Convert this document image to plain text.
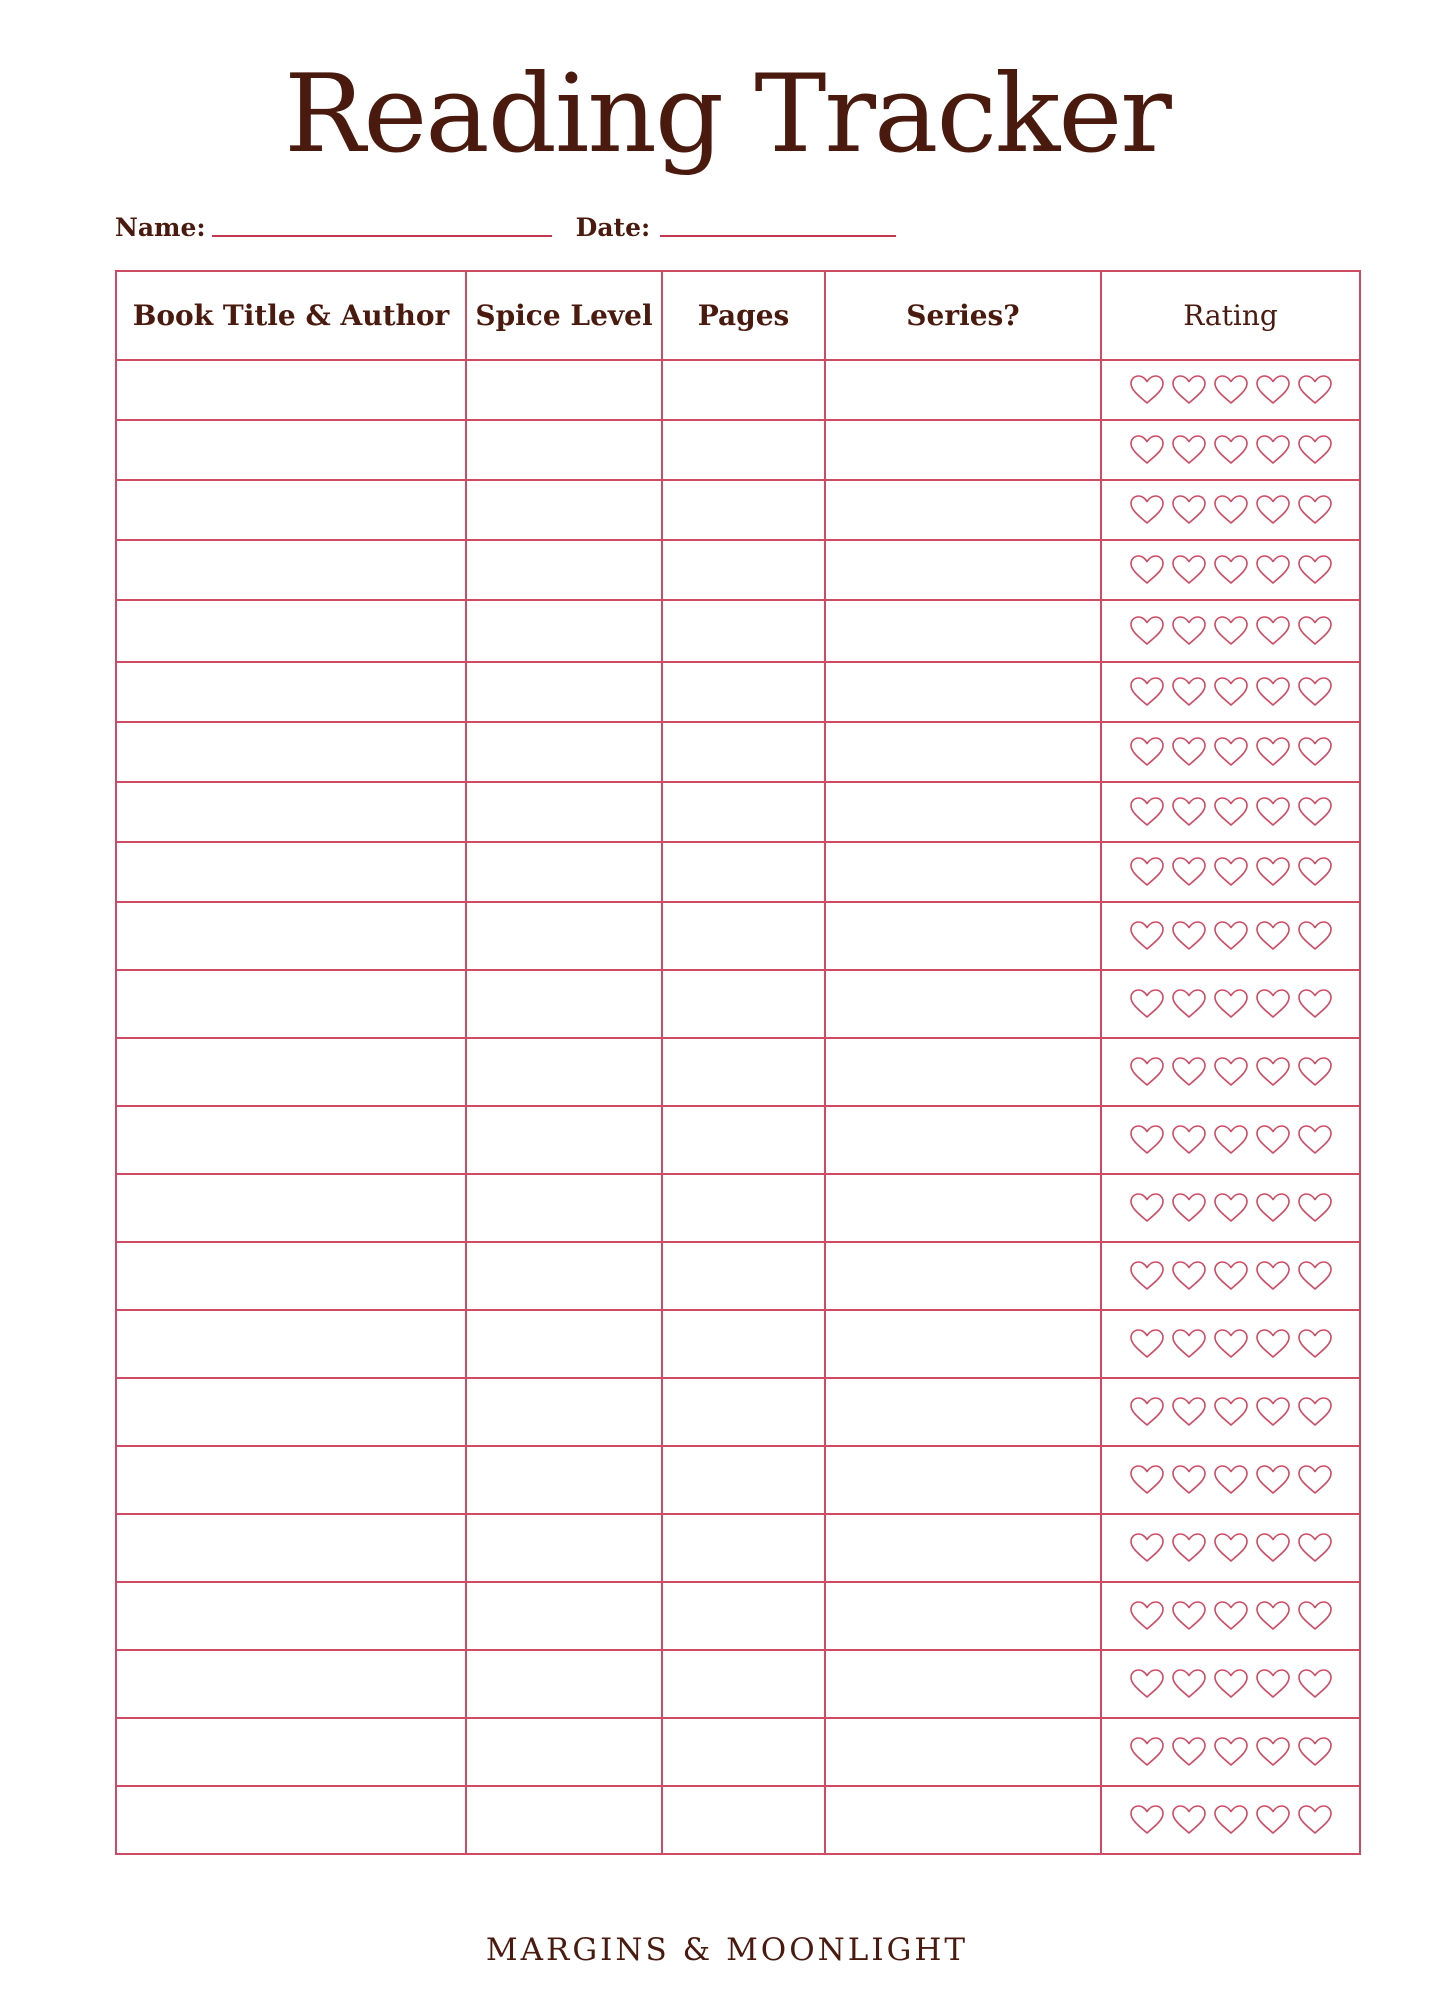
Reading Tracker
Name:	Date:
Book Title & Author	Spice Level	Pages	Series?	Rating

MARGINS & MOONLIGHT
